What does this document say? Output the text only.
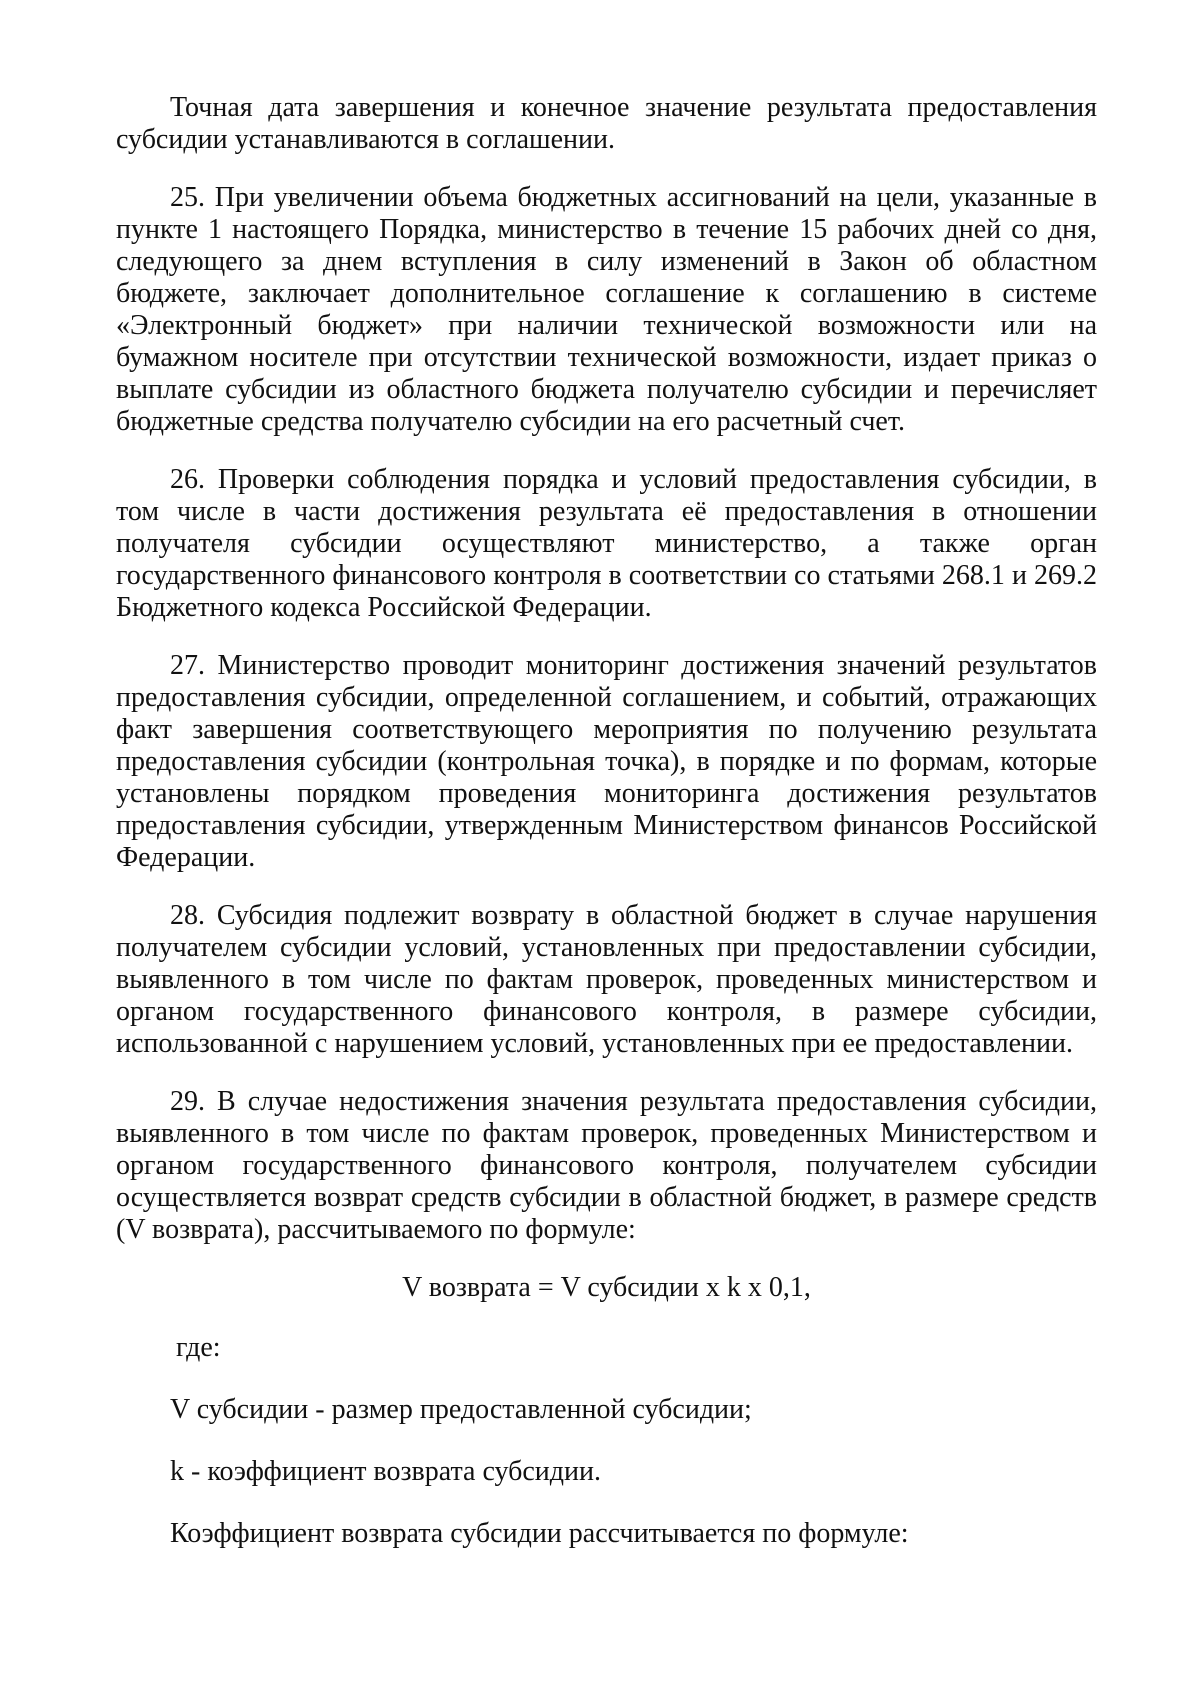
Точная дата завершения и конечное значение результата предоставления субсидии устанавливаются в соглашении.

25. При увеличении объема бюджетных ассигнований на цели, указанные в пункте 1 настоящего Порядка, министерство в течение 15 рабочих дней со дня, следующего за днем вступления в силу изменений в Закон об областном бюджете, заключает дополнительное соглашение к соглашению в системе «Электронный бюджет» при наличии технической возможности или на бумажном носителе при отсутствии технической возможности, издает приказ о выплате субсидии из областного бюджета получателю субсидии и перечисляет бюджетные средства получателю субсидии на его расчетный счет.

26. Проверки соблюдения порядка и условий предоставления субсидии, в том числе в части достижения результата её предоставления в отношении получателя субсидии осуществляют министерство, а также орган государственного финансового контроля в соответствии со статьями 268.1 и 269.2 Бюджетного кодекса Российской Федерации.

27. Министерство проводит мониторинг достижения значений результатов предоставления субсидии, определенной соглашением, и событий, отражающих факт завершения соответствующего мероприятия по получению результата предоставления субсидии (контрольная точка), в порядке и по формам, которые установлены порядком проведения мониторинга достижения результатов предоставления субсидии, утвержденным Министерством финансов Российской Федерации.

28. Субсидия подлежит возврату в областной бюджет в случае нарушения получателем субсидии условий, установленных при предоставлении субсидии, выявленного в том числе по фактам проверок, проведенных министерством и органом государственного финансового контроля, в размере субсидии, использованной с нарушением условий, установленных при ее предоставлении.

29. В случае недостижения значения результата предоставления субсидии, выявленного в том числе по фактам проверок, проведенных Министерством и органом государственного финансового контроля, получателем субсидии осуществляется возврат средств субсидии в областной бюджет, в размере средств (V возврата), рассчитываемого по формуле:

V возврата = V субсидии x k x 0,1,

где:

V субсидии - размер предоставленной субсидии;

k - коэффициент возврата субсидии.

Коэффициент возврата субсидии рассчитывается по формуле:
